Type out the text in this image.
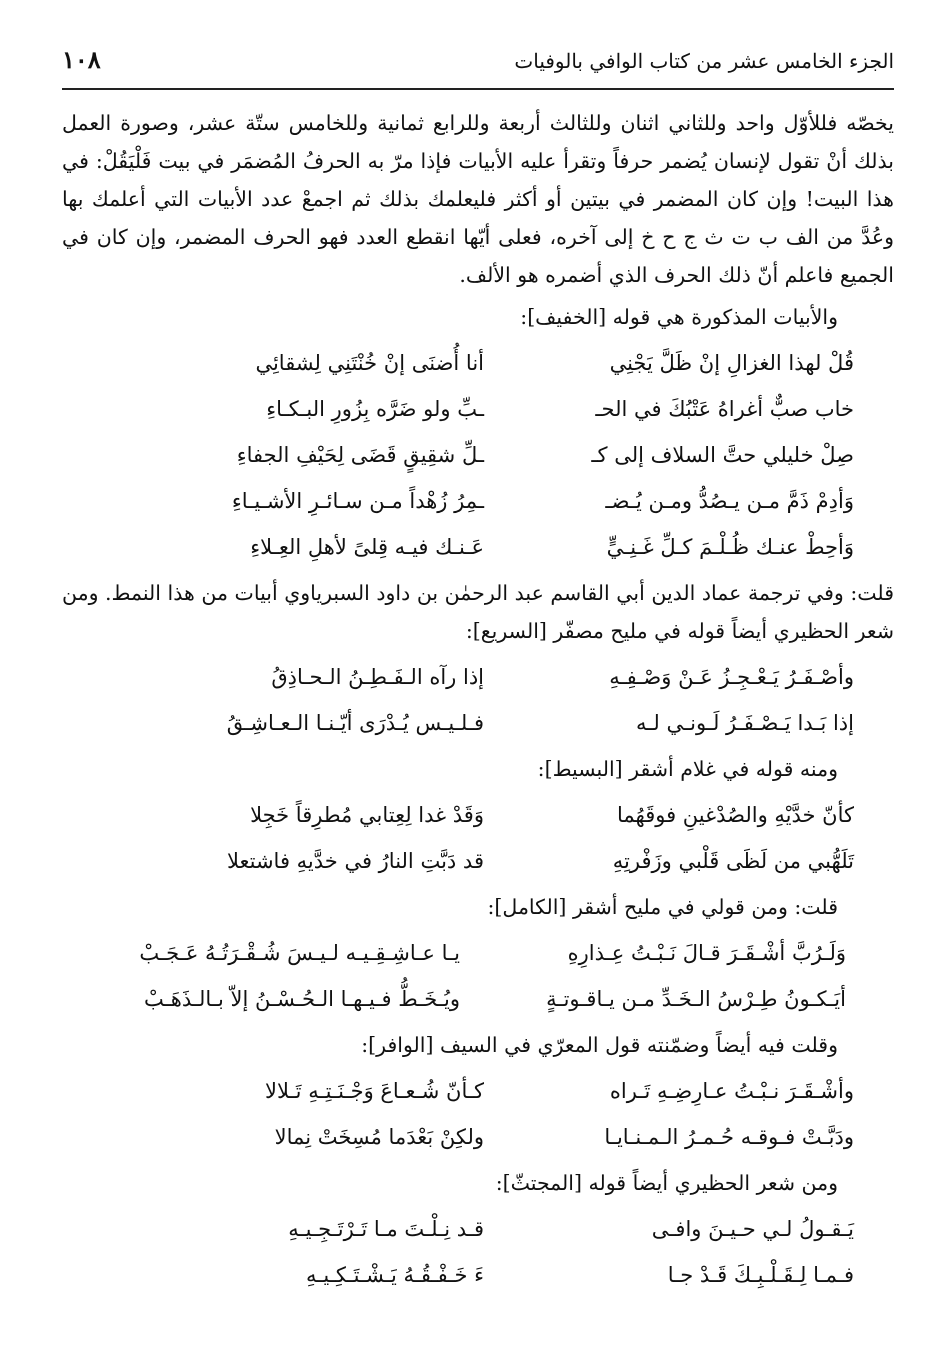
الجزء الخامس عشر من كتاب الوافي بالوفيات
١٠٨

يخصّه فللأوّل واحد وللثاني اثنان وللثالث أربعة وللرابع ثمانية وللخامس ستّة عشر، وصورة العمل بذلك أنْ تقول لإنسان يُضمر حرفاً وتقرأ عليه الأبيات فإذا مرّ به الحرفُ المُضمَر في بيت فَلْيَقُلْ: في هذا البيت! وإن كان المضمر في بيتين أو أكثر فليعلمك بذلك ثم اجمعْ عدد الأبيات التي أعلمك بها وعُدَّ من الف ب ت ث ج ح خ إلى آخره، فعلى أيّها انقطع العدد فهو الحرف المضمر، وإن كان في الجميع فاعلم أنّ ذلك الحرف الذي أضمره هو الألف.

والأبيات المذكورة هي قوله [الخفيف]:

قُلْ لهذا الغزالِ إنْ ظَلَّ يَجْنِي
أنا أُضنَى إنْ خُنْتَنِي لِشقائِي
خاب صبٌّ أغراهُ عَتْبُكَ في الحـ
ـبِّ ولو ضَرَّه بِزُورِ البـكـاءِ
صِلْ خليلي حتَّ السلاف إلى كـ
ـلِّ شقِيقٍ قَضَى لِحَيْفِ الجفاءِ
وَأدِمْ ذَمَّ مـن يـصُدُّ ومـن يُـضـ
ـمِرُ زُهْداً مـن سـائـرِ الأشـيـاءِ
وَأحِطْ عنـك ظُـلْـمَ كـلِّ غَـنِـيٍّ
عَـنـك فيـه قِلىً لأهلِ العِـلاءِ

قلت: وفي ترجمة عماد الدين أبي القاسم عبد الرحمٰن بن داود السبرياوي أبيات من هذا النمط. ومن شعر الحظيري أيضاً قوله في مليح مصفّر [السريع]:

وأصْـفَـرُ يَـعْـجِـزُ عَـنْ وَصْـفِـهِ
إذا رآه الـفَـطِـنُ الـحـاذِقُ
إذا بَـدا يَـصْـفَـرُ لَـونـي لـه
فـلـيـس يُـدْرَى أيّـنـا الـعـاشِـقُ

ومنه قوله في غلام أشقر [البسيط]:

كأنّ خدَّيْهِ والصُدْغينِ فوقَهُما
وَقَدْ غدا لِعِتابي مُطرِقاً خَجِلا
تَلَهُّبي من لَظَى قَلْبي وزَفْرتِهِ
قد دَبَّتِ النارُ في خدَّيهِ فاشتعلا

قلت: ومن قولي في مليح أشقر [الكامل]:

وَلَـرُبَّ أشْـقَـرَ قـالَ نَـبْـتُ عِـذارِهِ
يـا عـاشِـقِـيـه لـيـسَ شُـقْـرَتُـهُ عَـجَـبْ
أيَـكـونُ طِـرْسُ الـخَـدِّ مـن يـاقـوتـةٍ
ويُـخَـطُّ فـيـهـا الـحُـسْـنُ إلاّ بـالـذَهَـبْ

وقلت فيه أيضاً وضمّنته قول المعرّي في السيف [الوافر]:

وأشْـقَـرَ نـبْـتُ عـارِضِـهِ تَـراه
كـأنّ شُـعـاعَ وَجْـنَـتِـهِ تَـلالا
ودَبَّـتْ فـوقـه حُـمـرُ الـمـنـايـا
ولكِنْ بَعْدَما مُسِخَتْ نِمالا

ومن شعر الحظيري أيضاً قوله [المجتثّ]:

يَـقـولُ لـي حـيـنَ وافـى
قـد نِـلْـتَ مـا تَـرْتَـجِـيـهِ
فـمـا لِـقَـلْـبِـكَ قَـدْ جـا
ءَ خَـفْـقُـهُ يَـشْـتَـكِـيـهِ
